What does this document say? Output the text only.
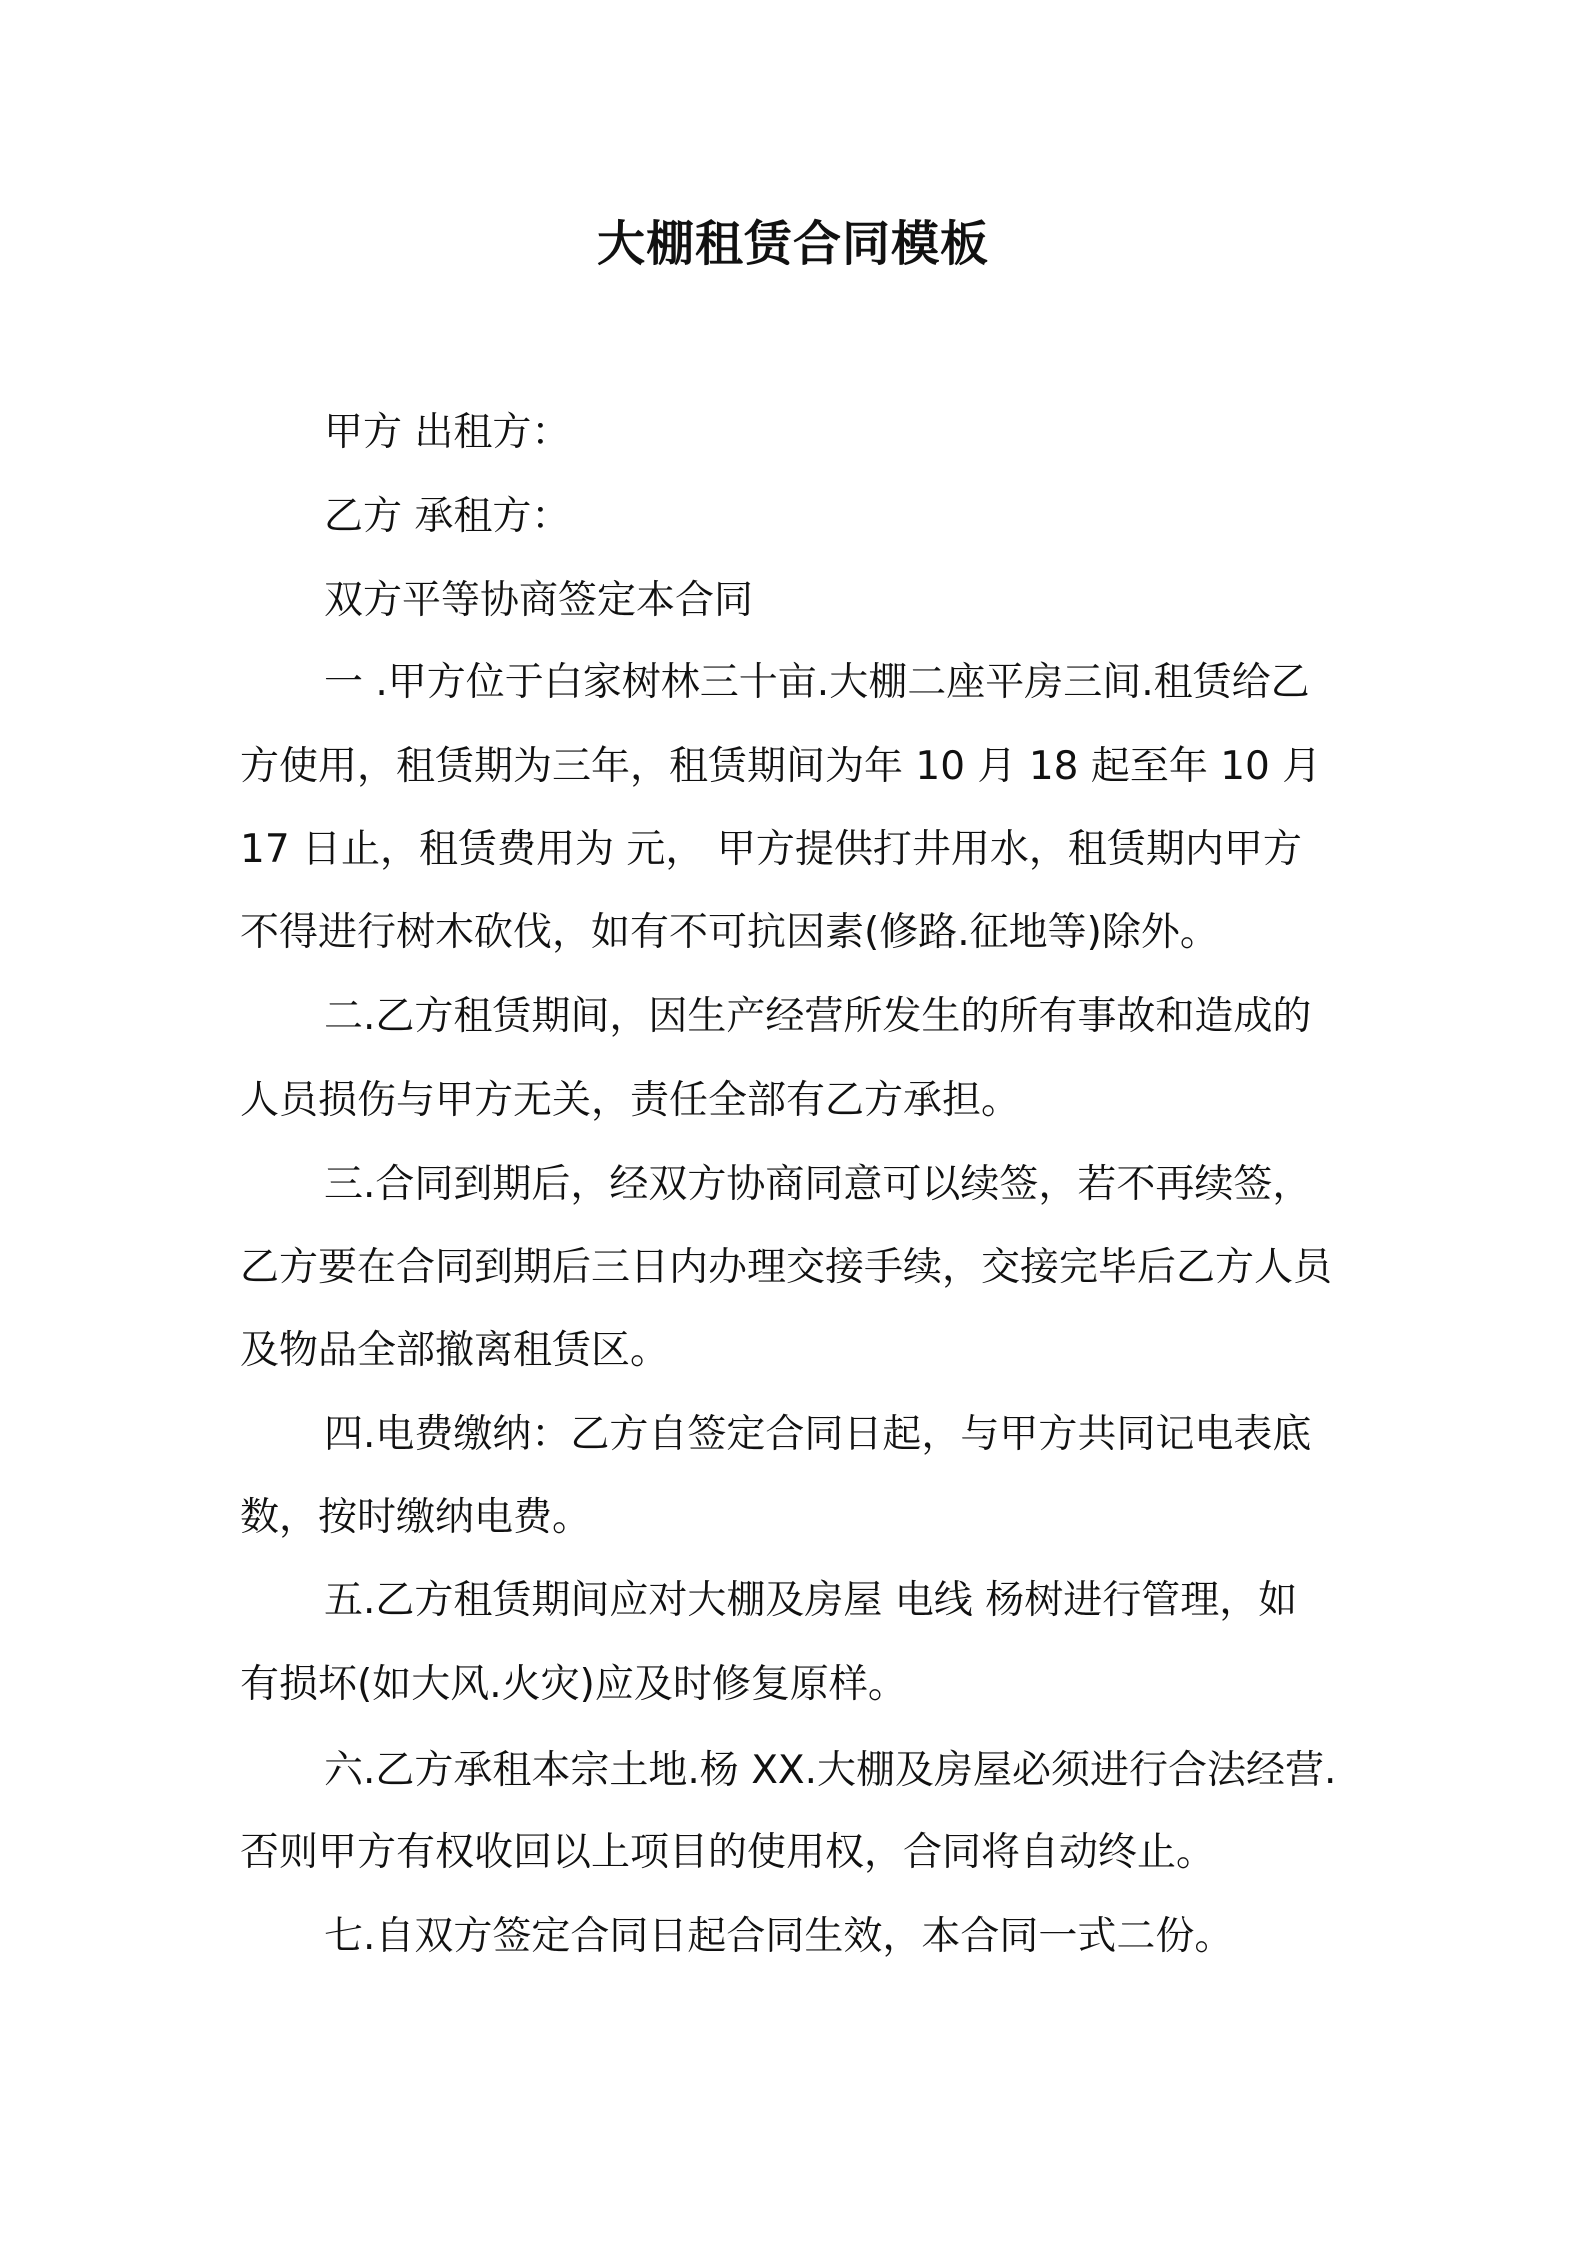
大棚租赁合同模板

甲方 出租方：

乙方 承租方：

双方平等协商签定本合同

一 .甲方位于白家树林三十亩.大棚二座平房三间.租赁给乙

方使用，租赁期为三年，租赁期间为年 10 月 18 起至年 10 月

17 日止，租赁费用为 元， 甲方提供打井用水，租赁期内甲方

不得进行树木砍伐，如有不可抗因素(修路.征地等)除外。

二.乙方租赁期间，因生产经营所发生的所有事故和造成的

人员损伤与甲方无关，责任全部有乙方承担。

三.合同到期后，经双方协商同意可以续签，若不再续签，

乙方要在合同到期后三日内办理交接手续，交接完毕后乙方人员

及物品全部撤离租赁区。

四.电费缴纳：乙方自签定合同日起，与甲方共同记电表底

数，按时缴纳电费。

五.乙方租赁期间应对大棚及房屋 电线 杨树进行管理，如

有损坏(如大风.火灾)应及时修复原样。

六.乙方承租本宗土地.杨 XX.大棚及房屋必须进行合法经营.

否则甲方有权收回以上项目的使用权，合同将自动终止。

七.自双方签定合同日起合同生效，本合同一式二份。
